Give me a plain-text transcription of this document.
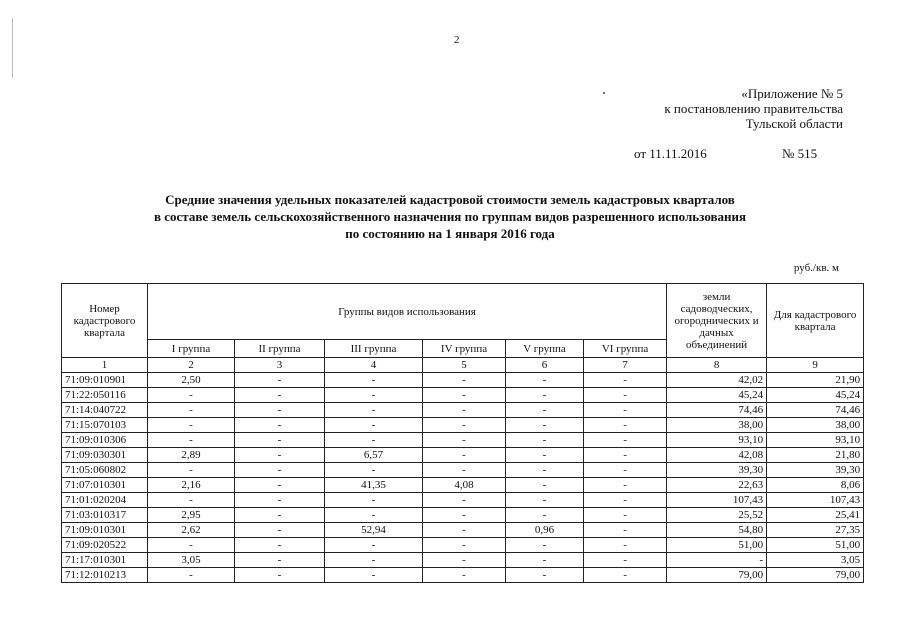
2
«Приложение № 5
к постановлению правительства
Тульской области
от 11.11.2016	№ 515
Средние значения удельных показателей кадастровой стоимости земель кадастровых кварталов
в составе земель сельскохозяйственного назначения по группам видов разрешенного использования
по состоянию на 1 января 2016 года
руб./кв. м
Номер кадастрового квартала	Группы видов использования						земли садоводческих, огороднических и дачных объединений	Для кадастрового квартала
	I группа	II группа	III группа	IV группа	V группа	VI группа		
1	2	3	4	5	6	7	8	9
71:09:010901	2,50	-	-	-	-	-	42,02	21,90
71:22:050116	-	-	-	-	-	-	45,24	45,24
71:14:040722	-	-	-	-	-	-	74,46	74,46
71:15:070103	-	-	-	-	-	-	38,00	38,00
71:09:010306	-	-	-	-	-	-	93,10	93,10
71:09:030301	2,89	-	6,57	-	-	-	42,08	21,80
71:05:060802	-	-	-	-	-	-	39,30	39,30
71:07:010301	2,16	-	41,35	4,08	-	-	22,63	8,06
71:01:020204	-	-	-	-	-	-	107,43	107,43
71:03:010317	2,95	-	-	-	-	-	25,52	25,41
71:09:010301	2,62	-	52,94	-	0,96	-	54,80	27,35
71:09:020522	-	-	-	-	-	-	51,00	51,00
71:17:010301	3,05	-	-	-	-	-	-	3,05
71:12:010213	-	-	-	-	-	-	79,00	79,00
